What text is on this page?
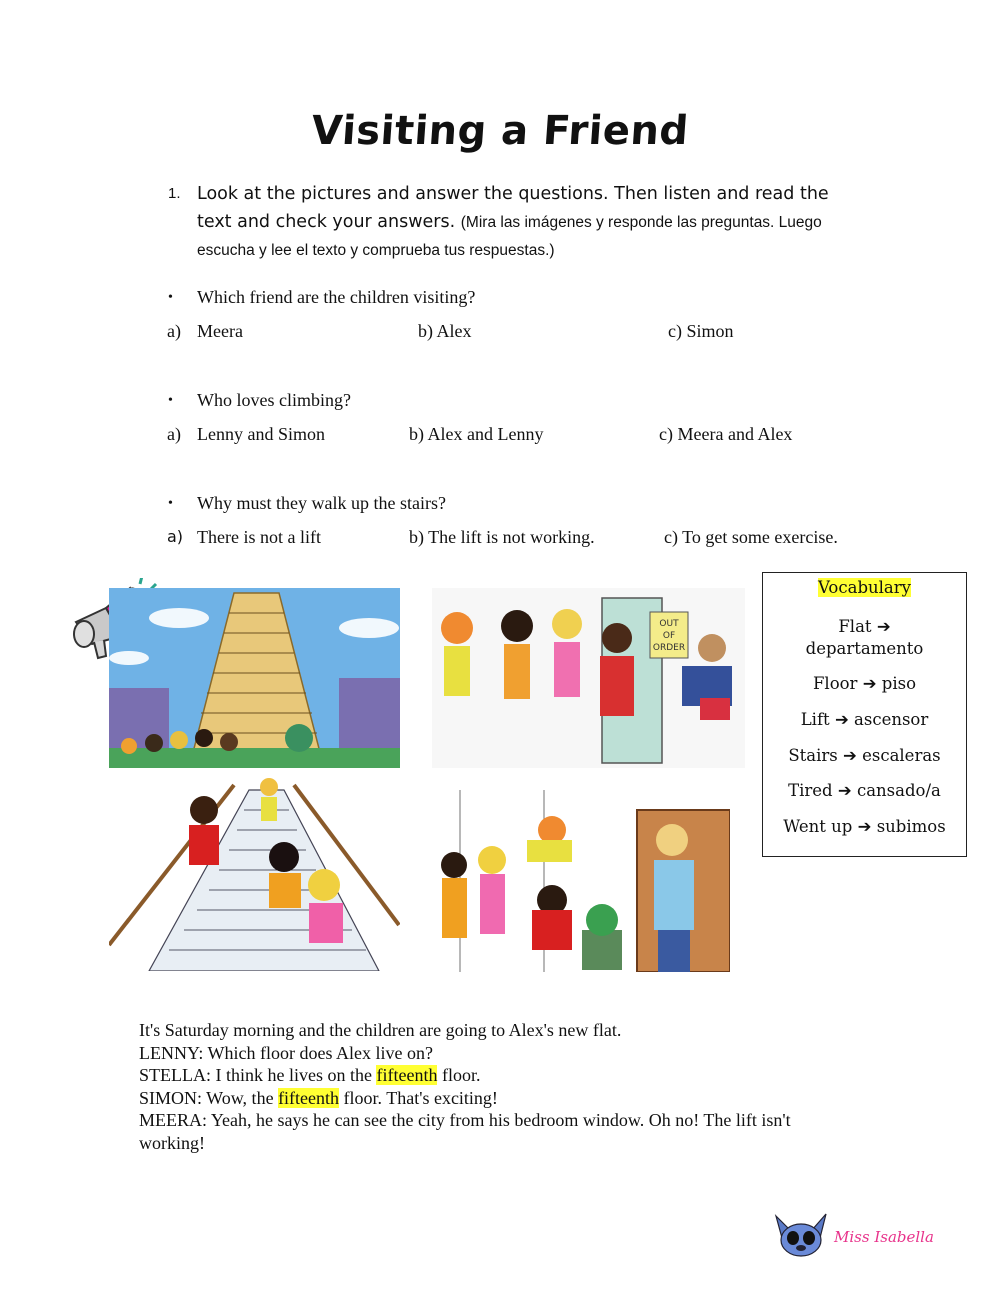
Visiting a Friend
1. Look at the pictures and answer the questions. Then listen and read the text and check your answers. (Mira las imágenes y responde las preguntas. Luego escucha y lee el texto y comprueba tus respuestas.)
• Which friend are the children visiting?
a) Meera	b) Alex	c) Simon
• Who loves climbing?
a) Lenny and Simon	b) Alex and Lenny	c) Meera and Alex
• Why must they walk up the stairs?
a) There is not a lift	b) The lift is not working.	c) To get some exercise.
OUT
OF
ORDER
Vocabulary
Flat ➔
departamento
Floor ➔ piso
Lift ➔ ascensor
Stairs ➔ escaleras
Tired ➔ cansado/a
Went up ➔ subimos
It's Saturday morning and the children are going to Alex's new flat.
LENNY: Which floor does Alex live on?
STELLA: I think he lives on the fifteenth floor.
SIMON: Wow, the fifteenth floor. That's exciting!
MEERA: Yeah, he says he can see the city from his bedroom window. Oh no! The lift isn't working!
Miss Isabella
